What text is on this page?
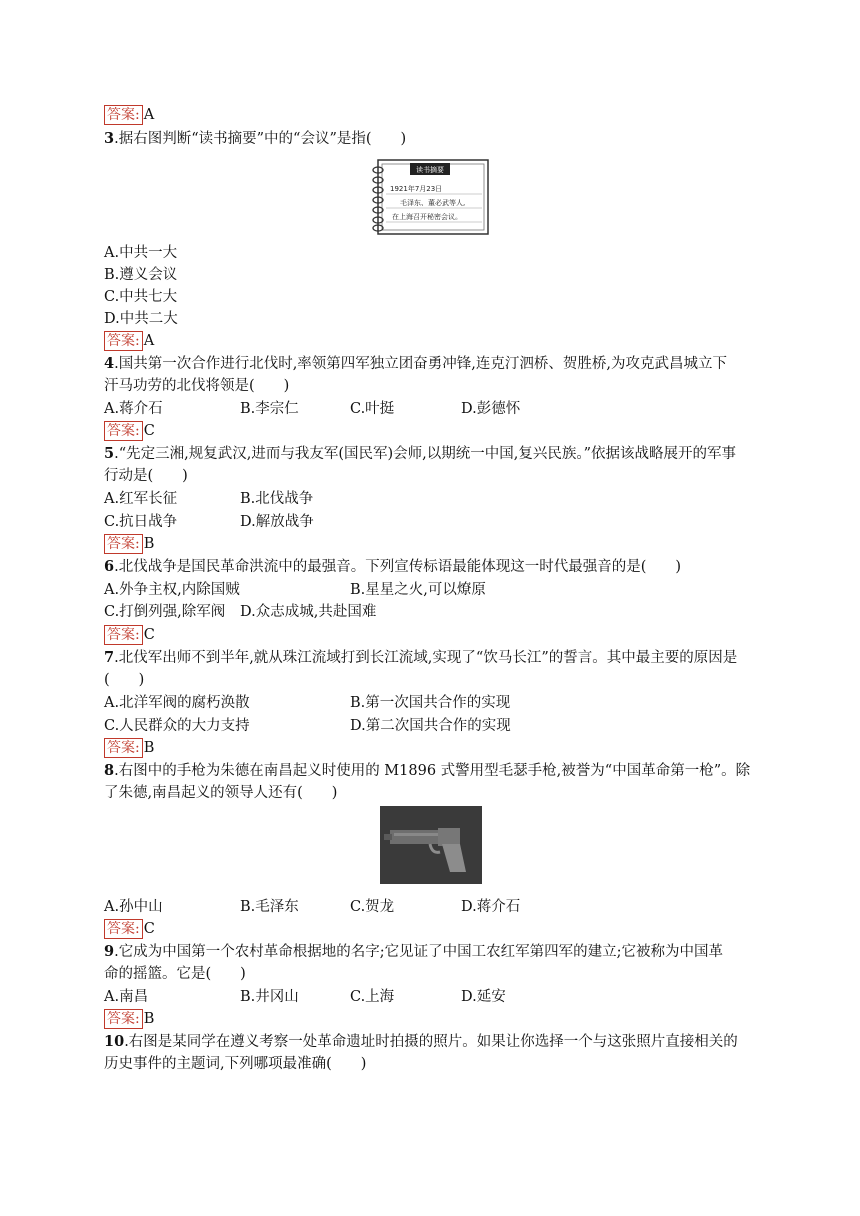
答案: A
3.据右图判断“读书摘要”中的“会议”是指(　　)
读书摘要
1921年7月23日
毛泽东、董必武等人,
在上海召开秘密会议。
A.中共一大
B.遵义会议
C.中共七大
D.中共二大
答案: A
4.国共第一次合作进行北伐时,率领第四军独立团奋勇冲锋,连克汀泗桥、贺胜桥,为攻克武昌城立下
汗马功劳的北伐将领是(　　)
A.蒋介石	B.李宗仁	C.叶挺	D.彭德怀
答案: C
5.“先定三湘,规复武汉,进而与我友军(国民军)会师,以期统一中国,复兴民族。”依据该战略展开的军事
行动是(　　)
A.红军长征	B.北伐战争
C.抗日战争	D.解放战争
答案: B
6.北伐战争是国民革命洪流中的最强音。下列宣传标语最能体现这一时代最强音的是(　　)
A.外争主权,内除国贼	B.星星之火,可以燎原
C.打倒列强,除军阀 D.众志成城,共赴国难
答案: C
7.北伐军出师不到半年,就从珠江流域打到长江流域,实现了“饮马长江”的誓言。其中最主要的原因是
(　　)
A.北洋军阀的腐朽涣散	B.第一次国共合作的实现
C.人民群众的大力支持	D.第二次国共合作的实现
答案: B
8.右图中的手枪为朱德在南昌起义时使用的 M1896 式警用型毛瑟手枪,被誉为“中国革命第一枪”。除
了朱德,南昌起义的领导人还有(　　)
A.孙中山	B.毛泽东	C.贺龙	D.蒋介石
答案: C
9.它成为中国第一个农村革命根据地的名字;它见证了中国工农红军第四军的建立;它被称为中国革
命的摇篮。它是(　　)
A.南昌	B.井冈山	C.上海	D.延安
答案: B
10.右图是某同学在遵义考察一处革命遗址时拍摄的照片。如果让你选择一个与这张照片直接相关的
历史事件的主题词,下列哪项最准确(　　)
